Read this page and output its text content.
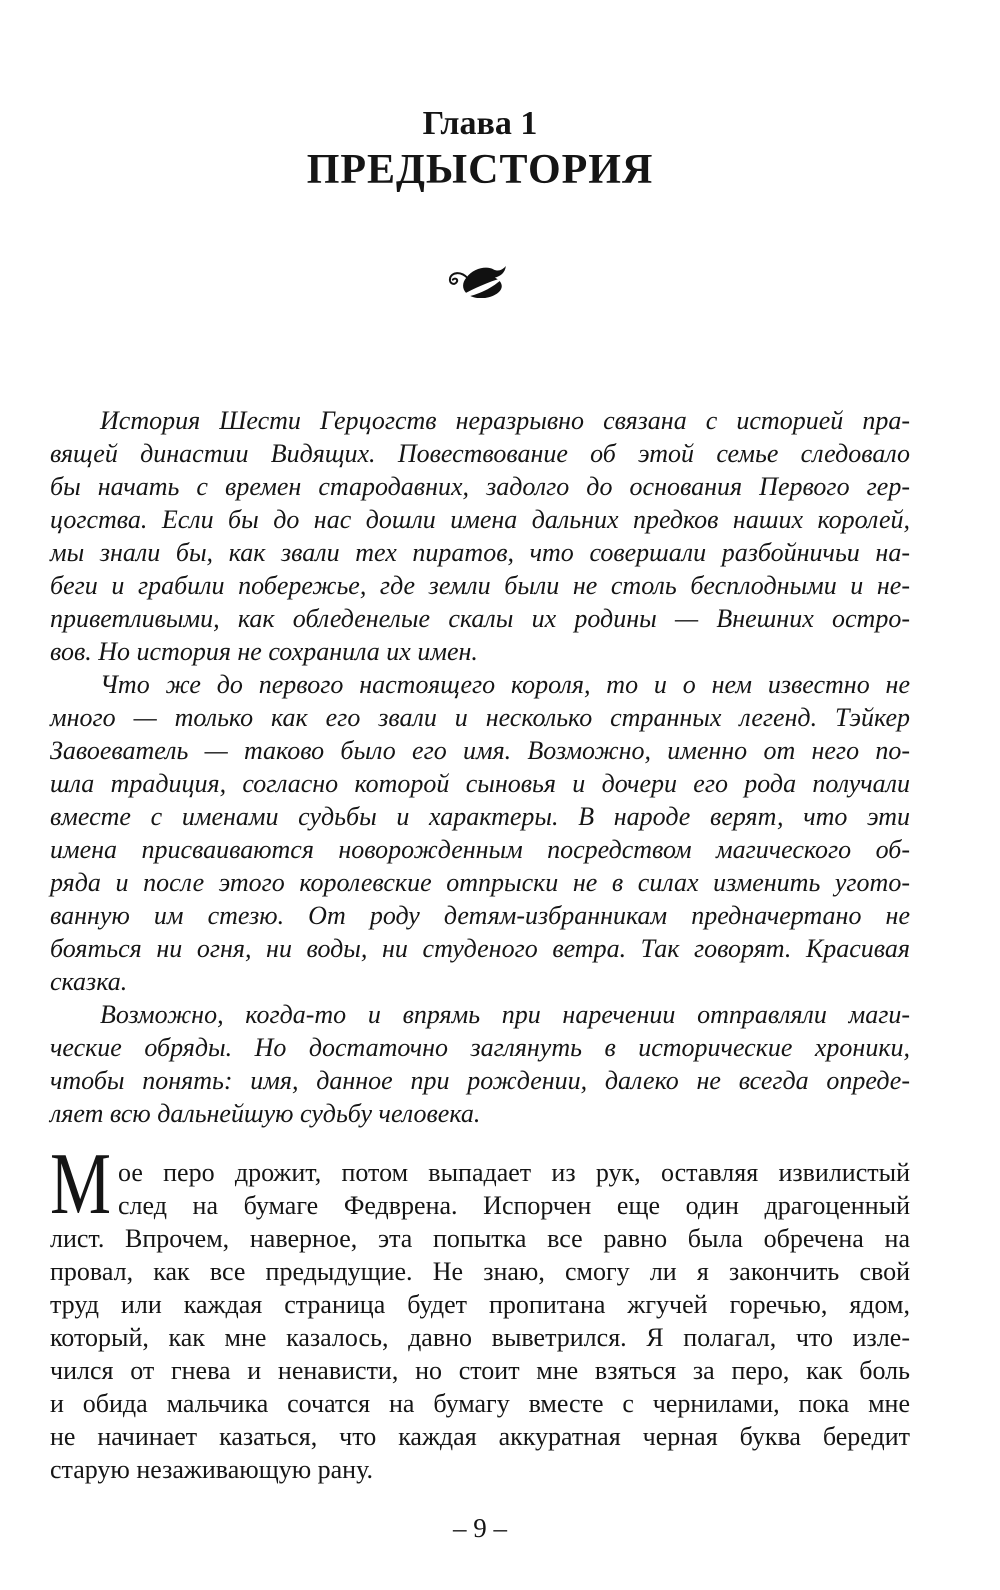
Глава 1
ПРЕДЫСТОРИЯ
История Шести Герцогств неразрывно связана с историей пра-
вящей династии Видящих. Повествование об этой семье следовало
бы начать с времен стародавних, задолго до основания Первого гер-
цогства. Если бы до нас дошли имена дальних предков наших королей,
мы знали бы, как звали тех пиратов, что совершали разбойничьи на-
беги и грабили побережье, где земли были не столь бесплодными и не-
приветливыми, как обледенелые скалы их родины — Внешних остро-
вов. Но история не сохранила их имен.
Что же до первого настоящего короля, то и о нем известно не
много — только как его звали и несколько странных легенд. Тэйкер
Завоеватель — таково было его имя. Возможно, именно от него по-
шла традиция, согласно которой сыновья и дочери его рода получали
вместе с именами судьбы и характеры. В народе верят, что эти
имена присваиваются новорожденным посредством магического об-
ряда и после этого королевские отпрыски не в силах изменить угото-
ванную им стезю. От роду детям-избранникам предначертано не
бояться ни огня, ни воды, ни студеного ветра. Так говорят. Красивая
сказка.
Возможно, когда-то и впрямь при наречении отправляли маги-
ческие обряды. Но достаточно заглянуть в исторические хроники,
чтобы понять: имя, данное при рождении, далеко не всегда опреде-
ляет всю дальнейшую судьбу человека.
М ое перо дрожит, потом выпадает из рук, оставляя извилистый
след на бумаге Федврена. Испорчен еще один драгоценный
лист. Впрочем, наверное, эта попытка все равно была обречена на
провал, как все предыдущие. Не знаю, смогу ли я закончить свой
труд или каждая страница будет пропитана жгучей горечью, ядом,
который, как мне казалось, давно выветрился. Я полагал, что изле-
чился от гнева и ненависти, но стоит мне взяться за перо, как боль
и обида мальчика сочатся на бумагу вместе с чернилами, пока мне
не начинает казаться, что каждая аккуратная черная буква бередит
старую незаживающую рану.
– 9 –
